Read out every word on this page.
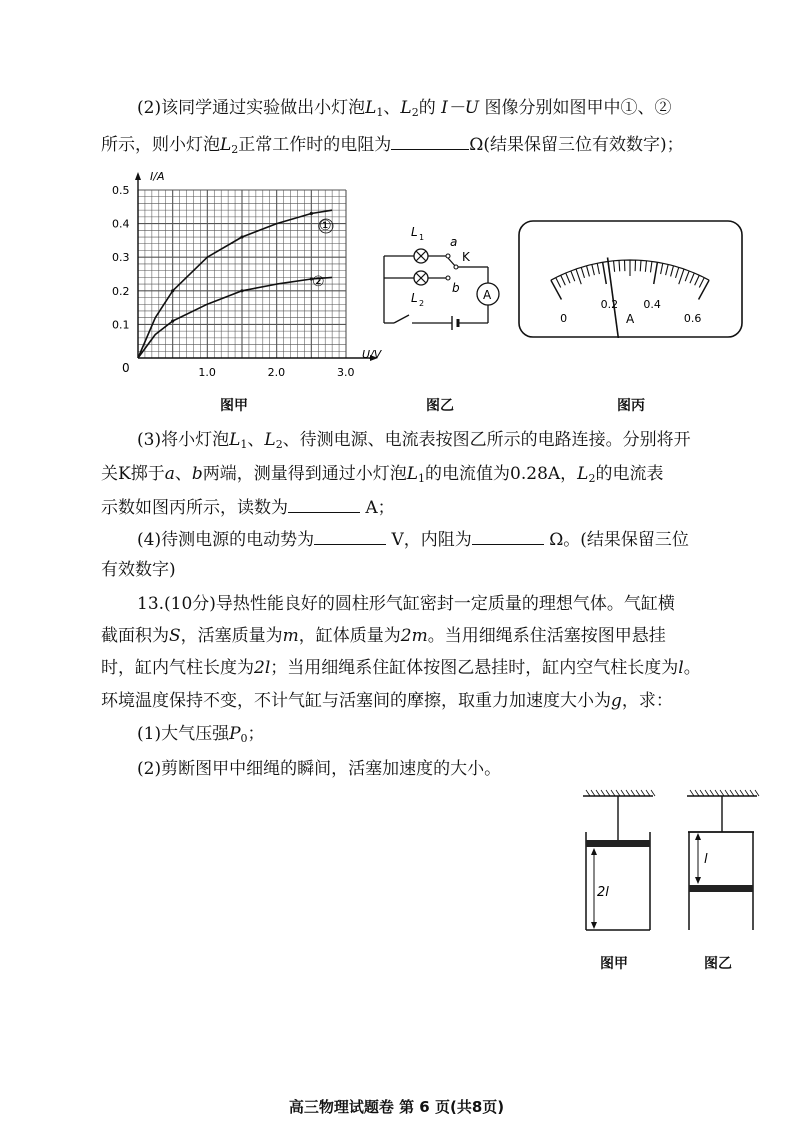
(2)该同学通过实验做出小灯泡$L_1$、$L_2$的 I－U 图像分别如图甲中①、②
所示，则小灯泡$L_2$正常工作时的电阻为	Ω(结果保留三位有效数字)；
I/A
U/V
0
①
②
0.5
0.4
0.3
0.2
0.1
1.0	2.0	3.0
A
L 1
L 2
a
b
K
0
0.2 0.4
0.6
A
图甲	图乙	图丙
(3)将小灯泡$L_1$、$L_2$、待测电源、电流表按图乙所示的电路连接。分别将开
关K掷于a、b两端，测量得到通过小灯泡$L_1$的电流值为0.28A，$L_2$的电流表
示数如图丙所示，读数为	A；
(4)待测电源的电动势为	V，内阻为	Ω。(结果保留三位
有效数字)
13.(10分)导热性能良好的圆柱形气缸密封一定质量的理想气体。气缸横
截面积为S，活塞质量为m，缸体质量为2m。当用细绳系住活塞按图甲悬挂
时，缸内气柱长度为2l；当用细绳系住缸体按图乙悬挂时，缸内空气柱长度为l。
环境温度保持不变，不计气缸与活塞间的摩擦，取重力加速度大小为g，求：
(1)大气压强$P_0$；
(2)剪断图甲中细绳的瞬间，活塞加速度的大小。
2l
l
图甲	图乙
高三物理试题卷 第 6 页(共8页)
